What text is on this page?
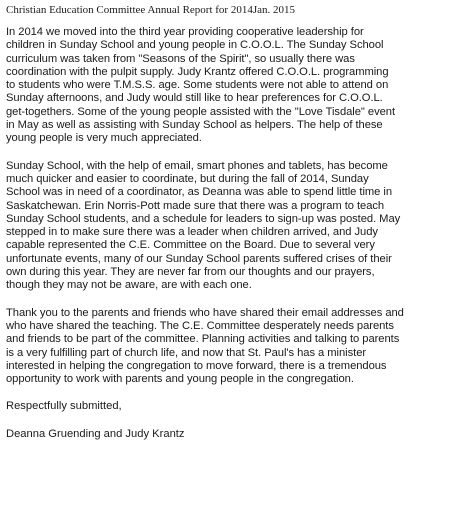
Christian Education Committee Annual Report for 2014Jan. 2015

In 2014 we moved into the third year providing cooperative leadership for
children in Sunday School and young people in C.O.O.L. The Sunday School
curriculum was taken from "Seasons of the Spirit", so usually there was
coordination with the pulpit supply. Judy Krantz offered C.O.O.L. programming
to students who were T.M.S.S. age. Some students were not able to attend on
Sunday afternoons, and Judy would still like to hear preferences for C.O.O.L.
get-togethers. Some of the young people assisted with the "Love Tisdale" event
in May as well as assisting with Sunday School as helpers. The help of these
young people is very much appreciated.

Sunday School, with the help of email, smart phones and tablets, has become
much quicker and easier to coordinate, but during the fall of 2014, Sunday
School was in need of a coordinator, as Deanna was able to spend little time in
Saskatchewan. Erin Norris-Pott made sure that there was a program to teach
Sunday School students, and a schedule for leaders to sign-up was posted. May
stepped in to make sure there was a leader when children arrived, and Judy
capable represented the C.E. Committee on the Board. Due to several very
unfortunate events, many of our Sunday School parents suffered crises of their
own during this year. They are never far from our thoughts and our prayers,
though they may not be aware, are with each one.

Thank you to the parents and friends who have shared their email addresses and
who have shared the teaching. The C.E. Committee desperately needs parents
and friends to be part of the committee. Planning activities and talking to parents
is a very fulfilling part of church life, and now that St. Paul's has a minister
interested in helping the congregation to move forward, there is a tremendous
opportunity to work with parents and young people in the congregation.

Respectfully submitted,

Deanna Gruending and Judy Krantz
